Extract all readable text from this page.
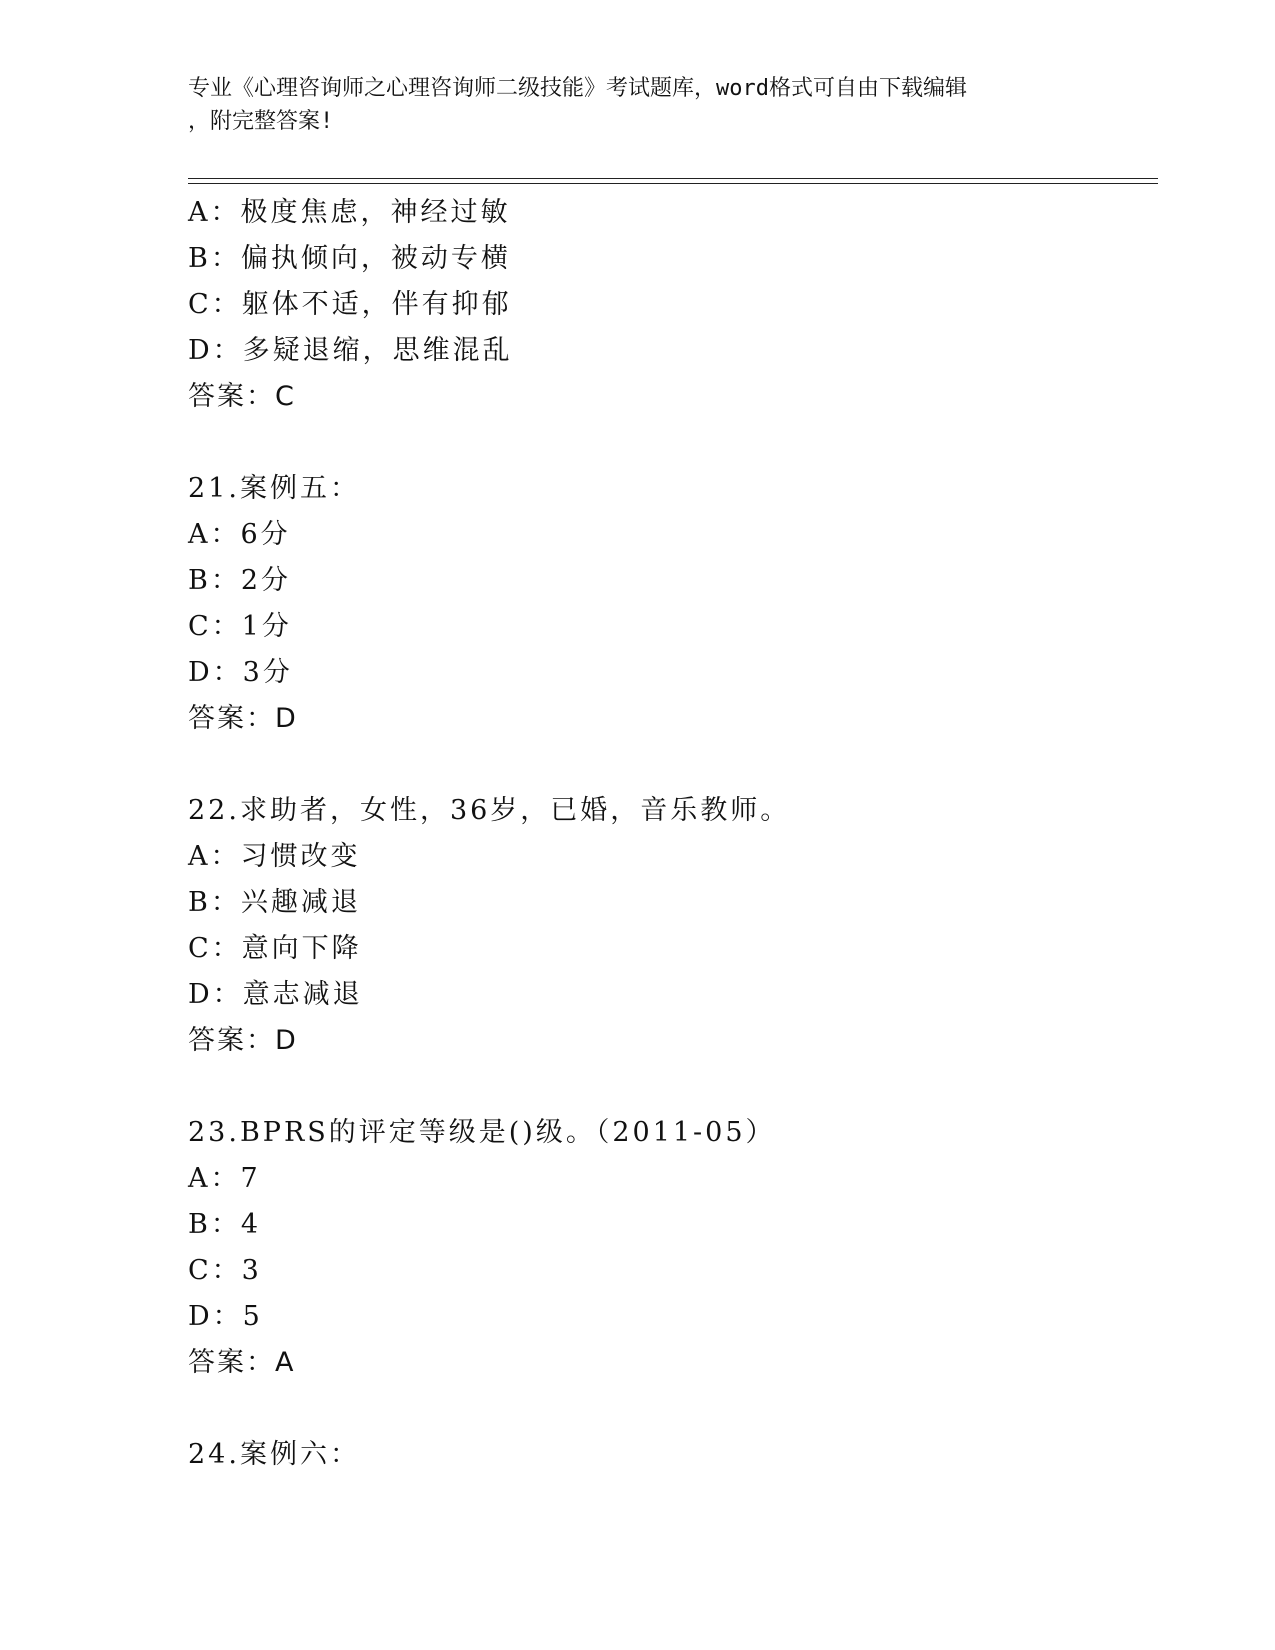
专业《心理咨询师之心理咨询师二级技能》考试题库，word格式可自由下载编辑
，附完整答案!
A：极度焦虑，神经过敏
B：偏执倾向，被动专横
C：躯体不适，伴有抑郁
D：多疑退缩，思维混乱
答案：C
21.案例五：
A：6分
B：2分
C：1分
D：3分
答案：D
22.求助者，女性，36岁，已婚，音乐教师。
A：习惯改变
B：兴趣减退
C：意向下降
D：意志减退
答案：D
23.BPRS的评定等级是()级。（2011-05）
A：7
B：4
C：3
D：5
答案：A
24.案例六：
